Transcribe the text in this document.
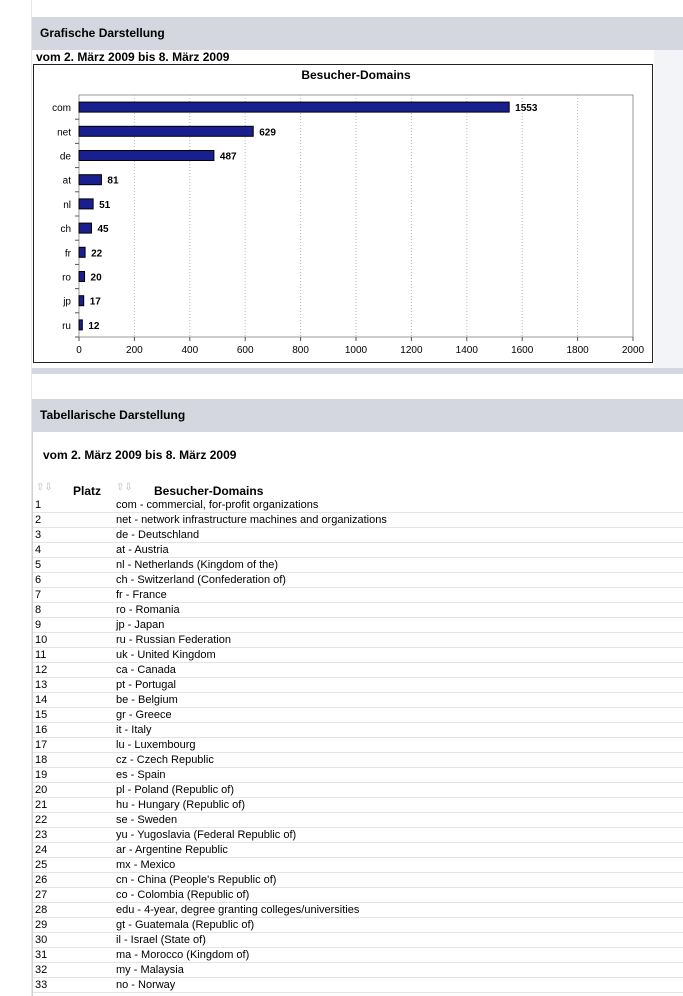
Grafische Darstellung
vom 2. März 2009 bis 8. März 2009
Besucher-Domains
0	200	400	600	800	1000	1200	1400	1600	1800	2000
com	1553
net	629
de	487
at	81
nl	51
ch	45
fr 22
ro 20
jp 17
ru 12
Tabellarische Darstellung
vom 2. März 2009 bis 8. März 2009
⇧⇩ Platz ⇧⇩ Besucher-Domains
1	com - commercial, for-profit organizations
2	net - network infrastructure machines and organizations
3	de - Deutschland
4	at - Austria
5	nl - Netherlands (Kingdom of the)
6	ch - Switzerland (Confederation of)
7	fr - France
8	ro - Romania
9	jp - Japan
10	ru - Russian Federation
11	uk - United Kingdom
12	ca - Canada
13	pt - Portugal
14	be - Belgium
15	gr - Greece
16	it - Italy
17	lu - Luxembourg
18	cz - Czech Republic
19	es - Spain
20	pl - Poland (Republic of)
21	hu - Hungary (Republic of)
22	se - Sweden
23	yu - Yugoslavia (Federal Republic of)
24	ar - Argentine Republic
25	mx - Mexico
26	cn - China (People's Republic of)
27	co - Colombia (Republic of)
28	edu - 4-year, degree granting colleges/universities
29	gt - Guatemala (Republic of)
30	il - Israel (State of)
31	ma - Morocco (Kingdom of)
32	my - Malaysia
33	no - Norway
